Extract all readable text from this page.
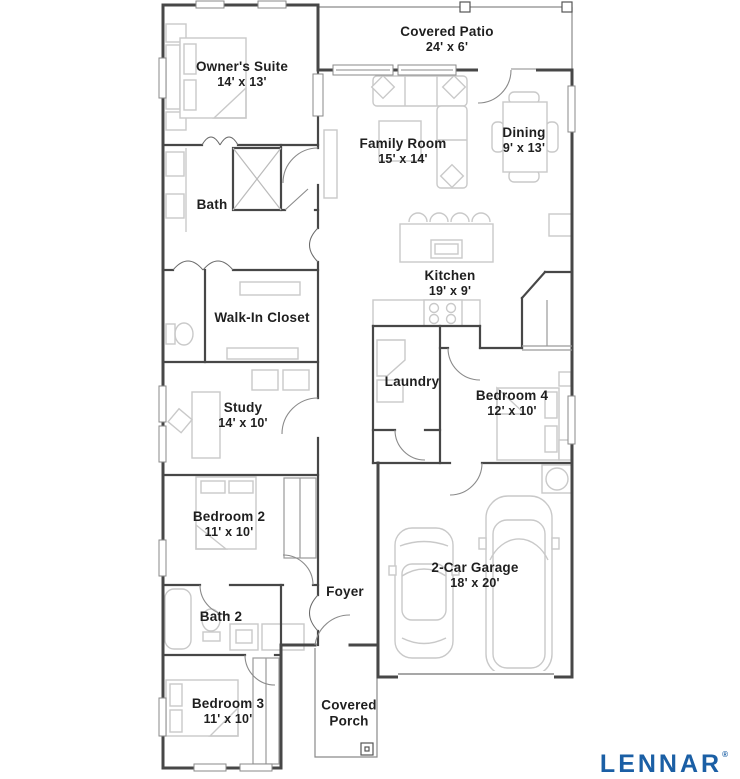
Owner's Suite
14' x 13'
Covered Patio
24' x 6'
Family Room
15' x 14'
Dining
9' x 13'
Bath
Walk-In Closet
Kitchen
19' x 9'
Laundry
Bedroom 4
12' x 10'
Study
14' x 10'
Bedroom 2
11' x 10'
Foyer
2-Car Garage
18' x 20'
Bath 2
Bedroom 3
11' x 10'
Covered Porch
LENNAR®
